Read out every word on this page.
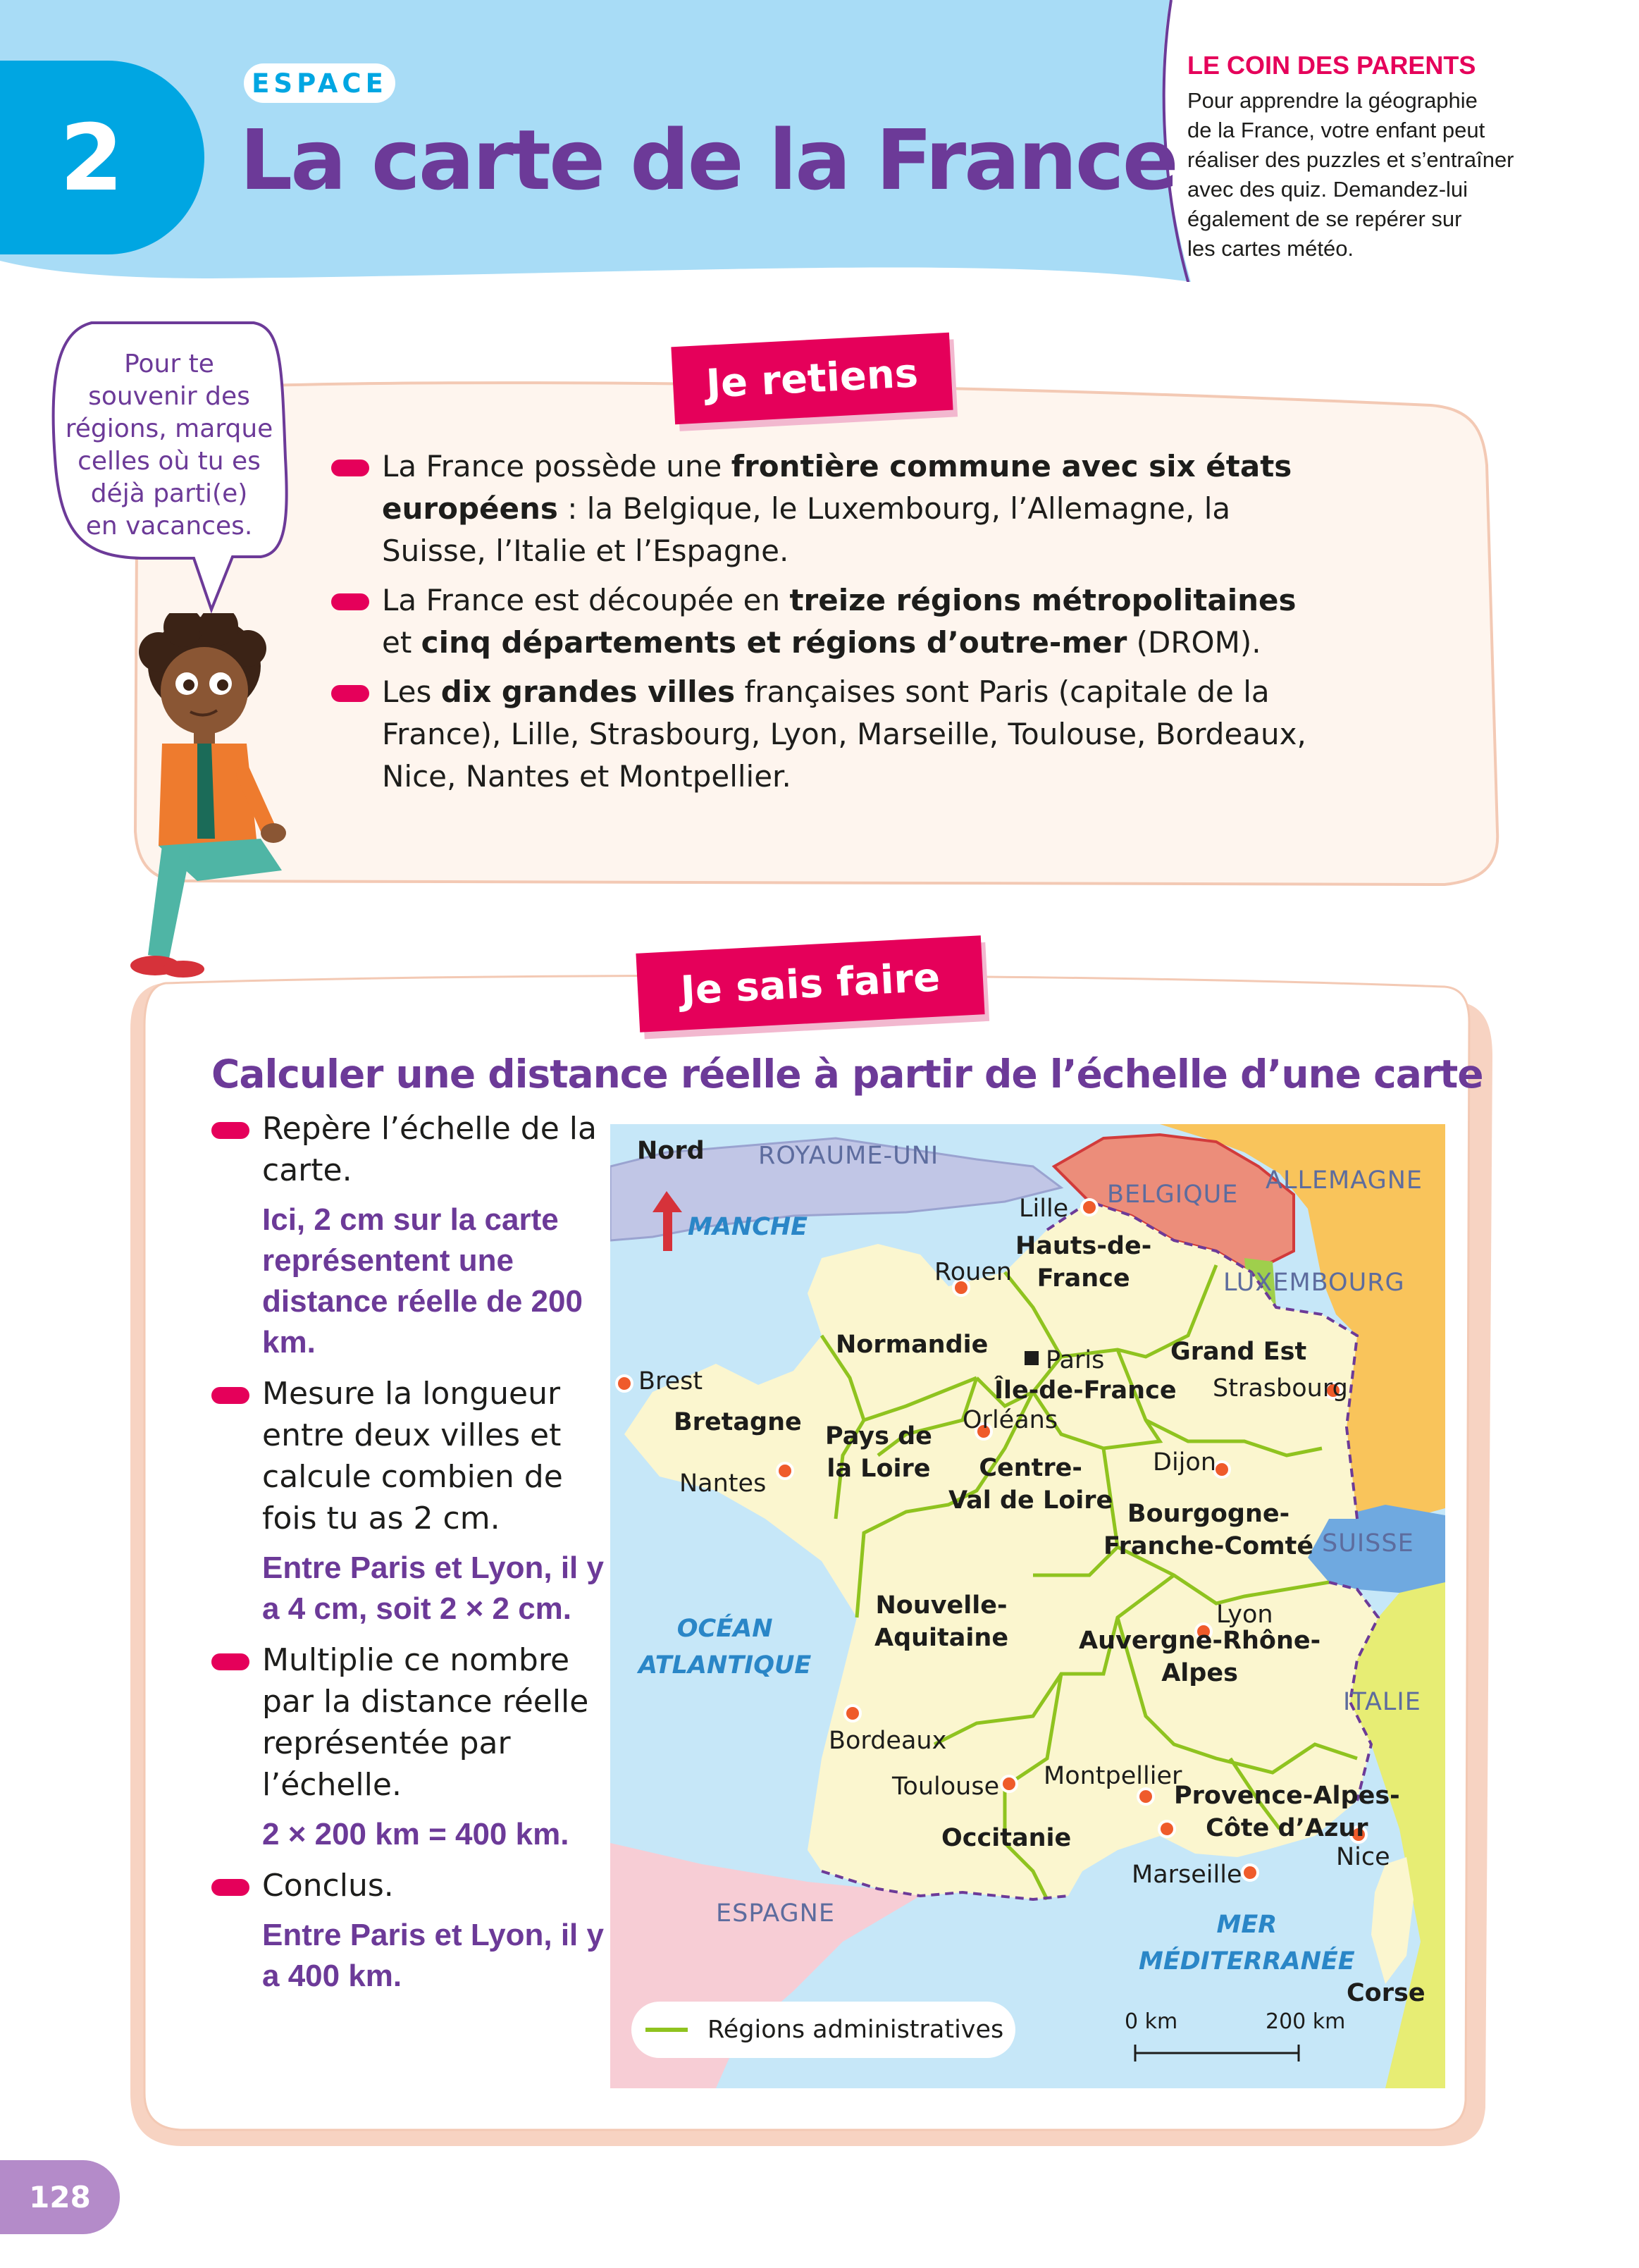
2
ESPACE
La carte de la France
LE COIN DES PARENTS
Pour apprendre la géographie
de la France, votre enfant peut
réaliser des puzzles et s’entraîner
avec des quiz. Demandez-lui
également de se repérer sur
les cartes météo.
Je retiens
Pour te
souvenir des
régions, marque
celles où tu es
déjà parti(e)
en vacances.
La France possède une frontière commune avec six états européens : la Belgique, le Luxembourg, l’Allemagne, la Suisse, l’Italie et l’Espagne.
La France est découpée en treize régions métropolitaines et cinq départements et régions d’outre-mer (DROM).
Les dix grandes villes françaises sont Paris (capitale de la France), Lille, Strasbourg, Lyon, Marseille, Toulouse, Bordeaux, Nice, Nantes et Montpellier.
Je sais faire
Calculer une distance réelle à partir de l’échelle d’une carte
Repère l’échelle de la carte.
Ici, 2 cm sur la carte représentent une distance réelle de 200 km.
Mesure la longueur entre deux villes et calcule combien de fois tu as 2 cm.
Entre Paris et Lyon, il y a 4 cm, soit 2 × 2 cm.
Multiplie ce nombre par la distance réelle représentée par l’échelle.
2 × 200 km = 400 km.
Conclus.
Entre Paris et Lyon, il y a 400 km.
Nord ROYAUME-UNI
BELGIQUE ALLEMAGNE
LUXEMBOURG
SUISSE
ITALIE
ESPAGNE
MANCHE
OCÉAN
ATLANTIQUE
MER
MÉDITERRANÉE
Hauts-de-
France
Normandie
Bretagne
Île-de-France
Grand Est
Pays de
la Loire	Centre-
Val de Loire Bourgogne-
Franche-Comté
Nouvelle-
Aquitaine	Auvergne-Rhône-
Alpes
Occitanie
Provence-Alpes-
Côte d’Azur
Corse
Lille
Rouen
Paris
Brest	Strasbourg
Orléans
Dijon
Nantes
Lyon
Bordeaux
Toulouse Montpellier
Marseille
Nice
Régions administratives	0 km	200 km
128
